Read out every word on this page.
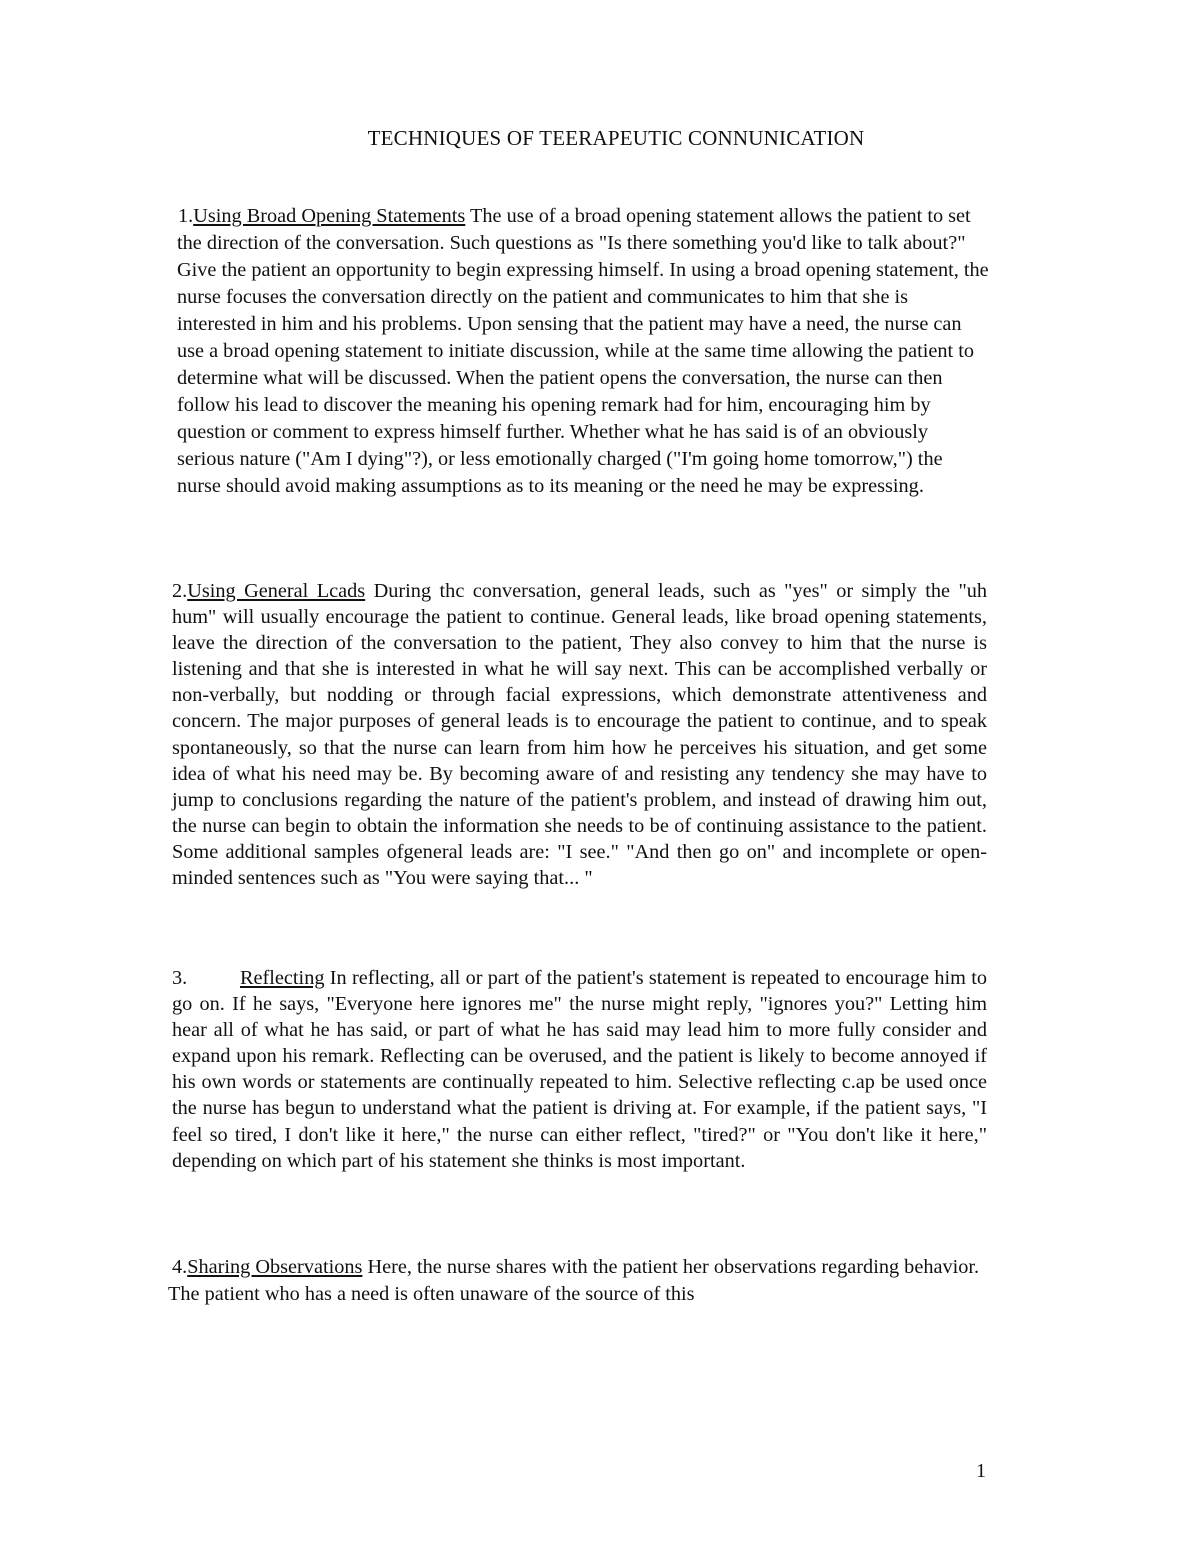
TECHNIQUES OF TEERAPEUTIC CONNUNICATION

1.Using Broad Opening Statements The use of a broad opening statement allows the patient to set the direction of the conversation. Such questions as "Is there something you'd like to talk about?" Give the patient an opportunity to begin expressing himself. In using a broad opening statement, the nurse focuses the conversation directly on the patient and communicates to him that she is interested in him and his problems. Upon sensing that the patient may have a need, the nurse can use a broad opening statement to initiate discussion, while at the same time allowing the patient to determine what will be discussed. When the patient opens the conversation, the nurse can then follow his lead to discover the meaning his opening remark had for him, encouraging him by question or comment to express himself further. Whether what he has said is of an obviously serious nature ("Am I dying"?), or less emotionally charged ("I'm going home tomorrow,") the nurse should avoid making assumptions as to its meaning or the need he may be expressing.

2.Using General Lcads During thc conversation, general leads, such as "yes" or simply the "uh hum" will usually encourage the patient to continue. General leads, like broad opening statements, leave the direction of the conversation to the patient, They also convey to him that the nurse is listening and that she is interested in what he will say next. This can be accomplished verbally or non-verbally, but nodding or through facial expressions, which demonstrate attentiveness and concern. The major purposes of general leads is to encourage the patient to continue, and to speak spontaneously, so that the nurse can learn from him how he perceives his situation, and get some idea of what his need may be. By becoming aware of and resisting any tendency she may have to jump to conclusions regarding the nature of the patient's problem, and instead of drawing him out, the nurse can begin to obtain the information she needs to be of continuing assistance to the patient. Some additional samples ofgeneral leads are: "I see." "And then go on" and incomplete or open-minded sentences such as "You were saying that... "

3.	Reflecting In reflecting, all or part of the patient's statement is repeated to encourage him to go on. If he says, "Everyone here ignores me" the nurse might reply, "ignores you?" Letting him hear all of what he has said, or part of what he has said may lead him to more fully consider and expand upon his remark. Reflecting can be overused, and the patient is likely to become annoyed if his own words or statements are continually repeated to him. Selective reflecting c.ap be used once the nurse has begun to understand what the patient is driving at. For example, if the patient says, "I feel so tired, I don't like it here," the nurse can either reflect, "tired?" or "You don't like it here," depending on which part of his statement she thinks is most important.

4.Sharing Observations Here, the nurse shares with the patient her observations regarding behavior. The patient who has a need is often unaware of the source of this

1
